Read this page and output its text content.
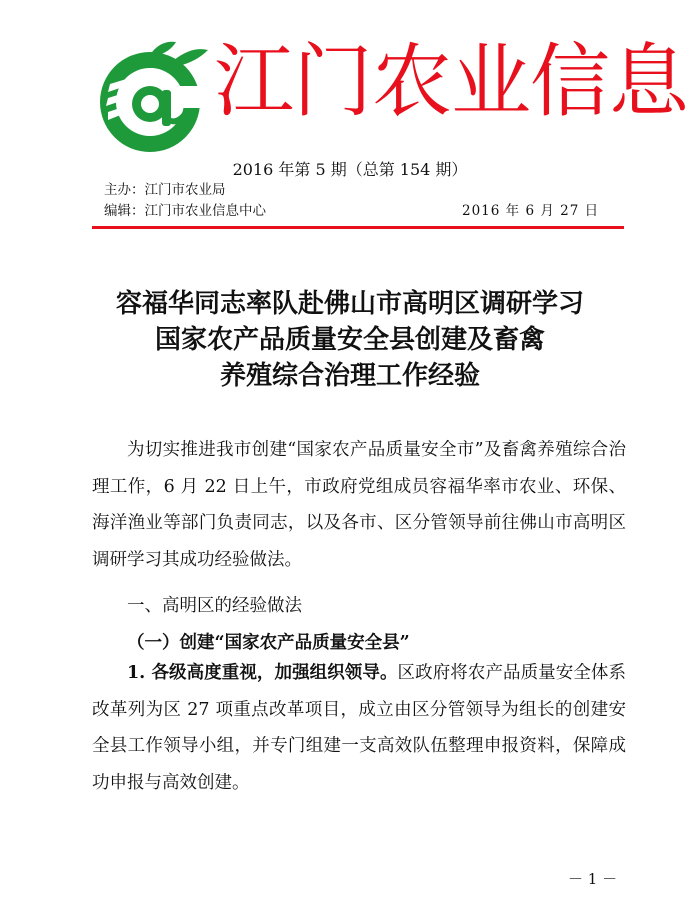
江门农业信息
2016 年第 5 期（总第 154 期）
主办：江门市农业局
编辑：江门市农业信息中心	2016 年 6 月 27 日
容福华同志率队赴佛山市高明区调研学习
国家农产品质量安全县创建及畜禽
养殖综合治理工作经验

为切实推进我市创建“国家农产品质量安全市”及畜禽养殖综合治理工作，6 月 22 日上午，市政府党组成员容福华率市农业、环保、海洋渔业等部门负责同志，以及各市、区分管领导前往佛山市高明区调研学习其成功经验做法。

一、高明区的经验做法
（一）创建“国家农产品质量安全县”

1. 各级高度重视，加强组织领导。区政府将农产品质量安全体系改革列为区 27 项重点改革项目，成立由区分管领导为组长的创建安全县工作领导小组，并专门组建一支高效队伍整理申报资料，保障成功申报与高效创建。

－ 1 －
